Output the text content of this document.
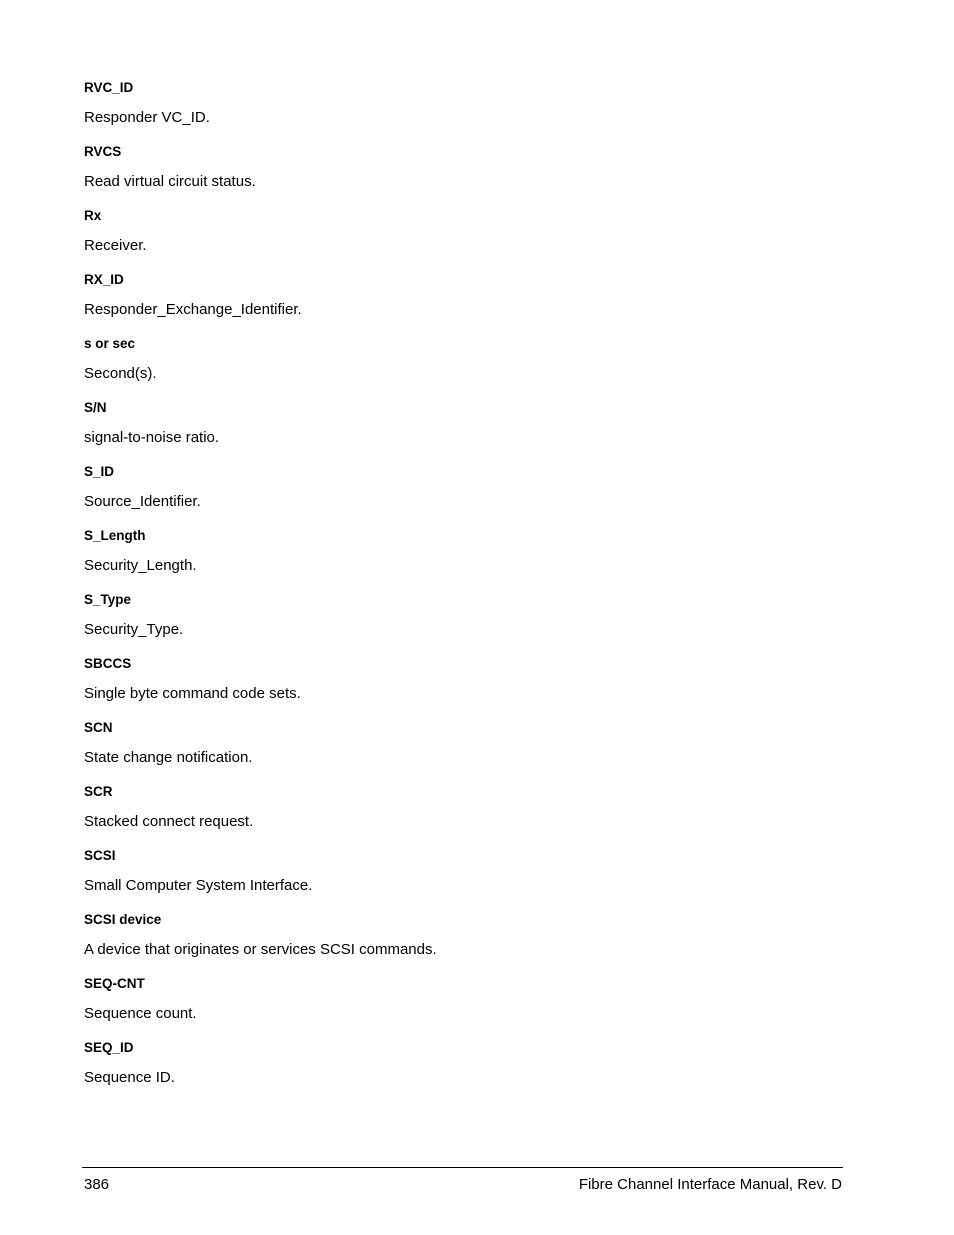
RVC_ID
Responder VC_ID.
RVCS
Read virtual circuit status.
Rx
Receiver.
RX_ID
Responder_Exchange_Identifier.
s or sec
Second(s).
S/N
signal-to-noise ratio.
S_ID
Source_Identifier.
S_Length
Security_Length.
S_Type
Security_Type.
SBCCS
Single byte command code sets.
SCN
State change notification.
SCR
Stacked connect request.
SCSI
Small Computer System Interface.
SCSI device
A device that originates or services SCSI commands.
SEQ-CNT
Sequence count.
SEQ_ID
Sequence ID.
386	Fibre Channel Interface Manual, Rev. D
